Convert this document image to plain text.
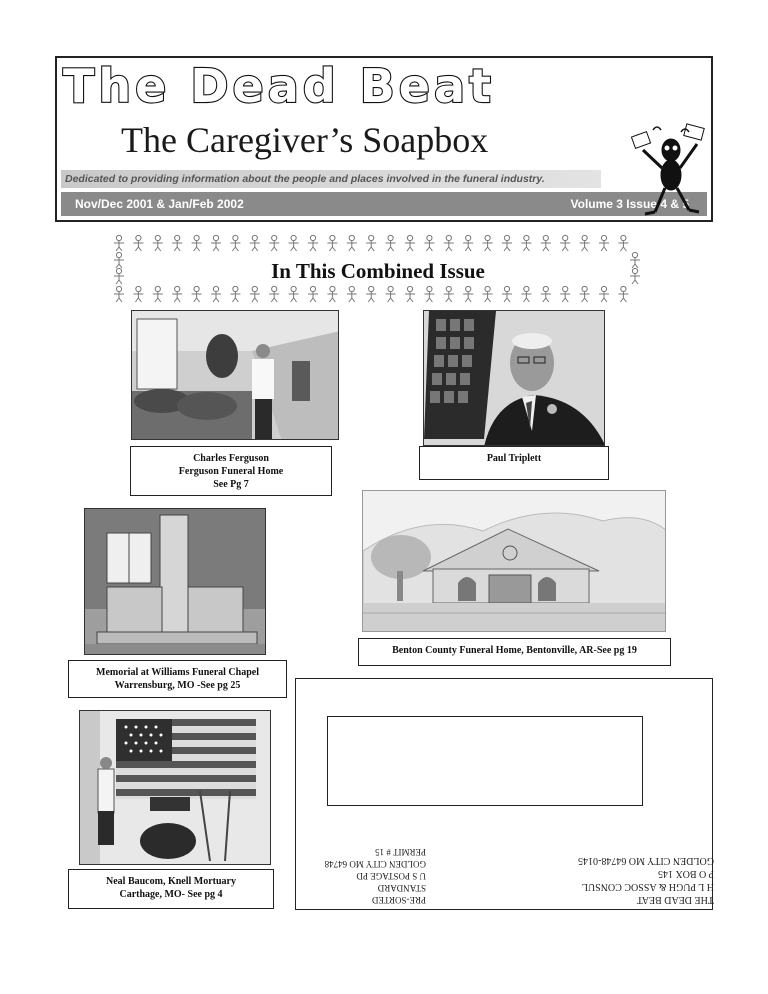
The Dead Beat
The Caregiver’s Soapbox
Dedicated to providing information about the people and places involved in the funeral industry.
Nov/Dec 2001 & Jan/Feb 2002	Volume 3 Issue 4 & 5
In This Combined Issue
Charles Ferguson
Ferguson Funeral Home
See Pg 7
Paul Triplett
Memorial at Williams Funeral Chapel
Warrensburg, MO -See pg 25
Benton County Funeral Home, Bentonville, AR-See pg 19
Neal Baucom, Knell Mortuary
Carthage, MO- See pg 4	PRE-SORTED
STANDARD
U S POSTAGE PD
GOLDEN CITY MO 64748
PERMIT # 15
THE DEAD BEAT
H L PUGH & ASSOC CONSUL
P O BOX 145
GOLDEN CITY MO 64748-0145
